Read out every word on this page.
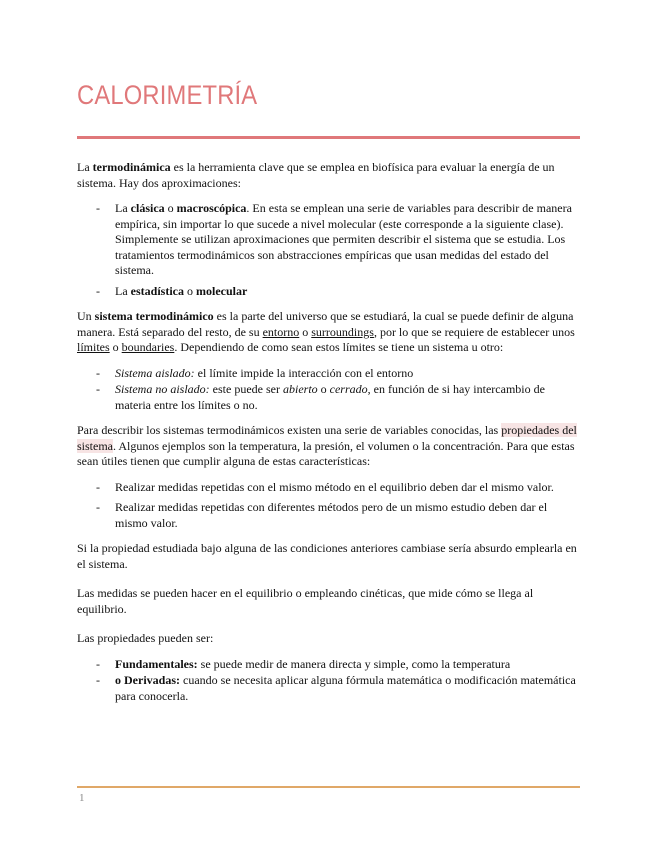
CALORIMETRÍA

La termodinámica es la herramienta clave que se emplea en biofísica para evaluar la energía de un sistema. Hay dos aproximaciones:

- La clásica o macroscópica. En esta se emplean una serie de variables para describir de manera empírica, sin importar lo que sucede a nivel molecular (este corresponde a la siguiente clase). Simplemente se utilizan aproximaciones que permiten describir el sistema que se estudia. Los tratamientos termodinámicos son abstracciones empíricas que usan medidas del estado del sistema.
- La estadística o molecular

Un sistema termodinámico es la parte del universo que se estudiará, la cual se puede definir de alguna manera. Está separado del resto, de su entorno o surroundings, por lo que se requiere de establecer unos límites o boundaries. Dependiendo de como sean estos límites se tiene un sistema u otro:

- Sistema aislado: el límite impide la interacción con el entorno
- Sistema no aislado: este puede ser abierto o cerrado, en función de si hay intercambio de materia entre los límites o no.

Para describir los sistemas termodinámicos existen una serie de variables conocidas, las propiedades del sistema. Algunos ejemplos son la temperatura, la presión, el volumen o la concentración. Para que estas sean útiles tienen que cumplir alguna de estas características:

- Realizar medidas repetidas con el mismo método en el equilibrio deben dar el mismo valor.
- Realizar medidas repetidas con diferentes métodos pero de un mismo estudio deben dar el mismo valor.

Si la propiedad estudiada bajo alguna de las condiciones anteriores cambiase sería absurdo emplearla en el sistema.

Las medidas se pueden hacer en el equilibrio o empleando cinéticas, que mide cómo se llega al equilibrio.

Las propiedades pueden ser:

- Fundamentales: se puede medir de manera directa y simple, como la temperatura
- o Derivadas: cuando se necesita aplicar alguna fórmula matemática o modificación matemática para conocerla.
1
